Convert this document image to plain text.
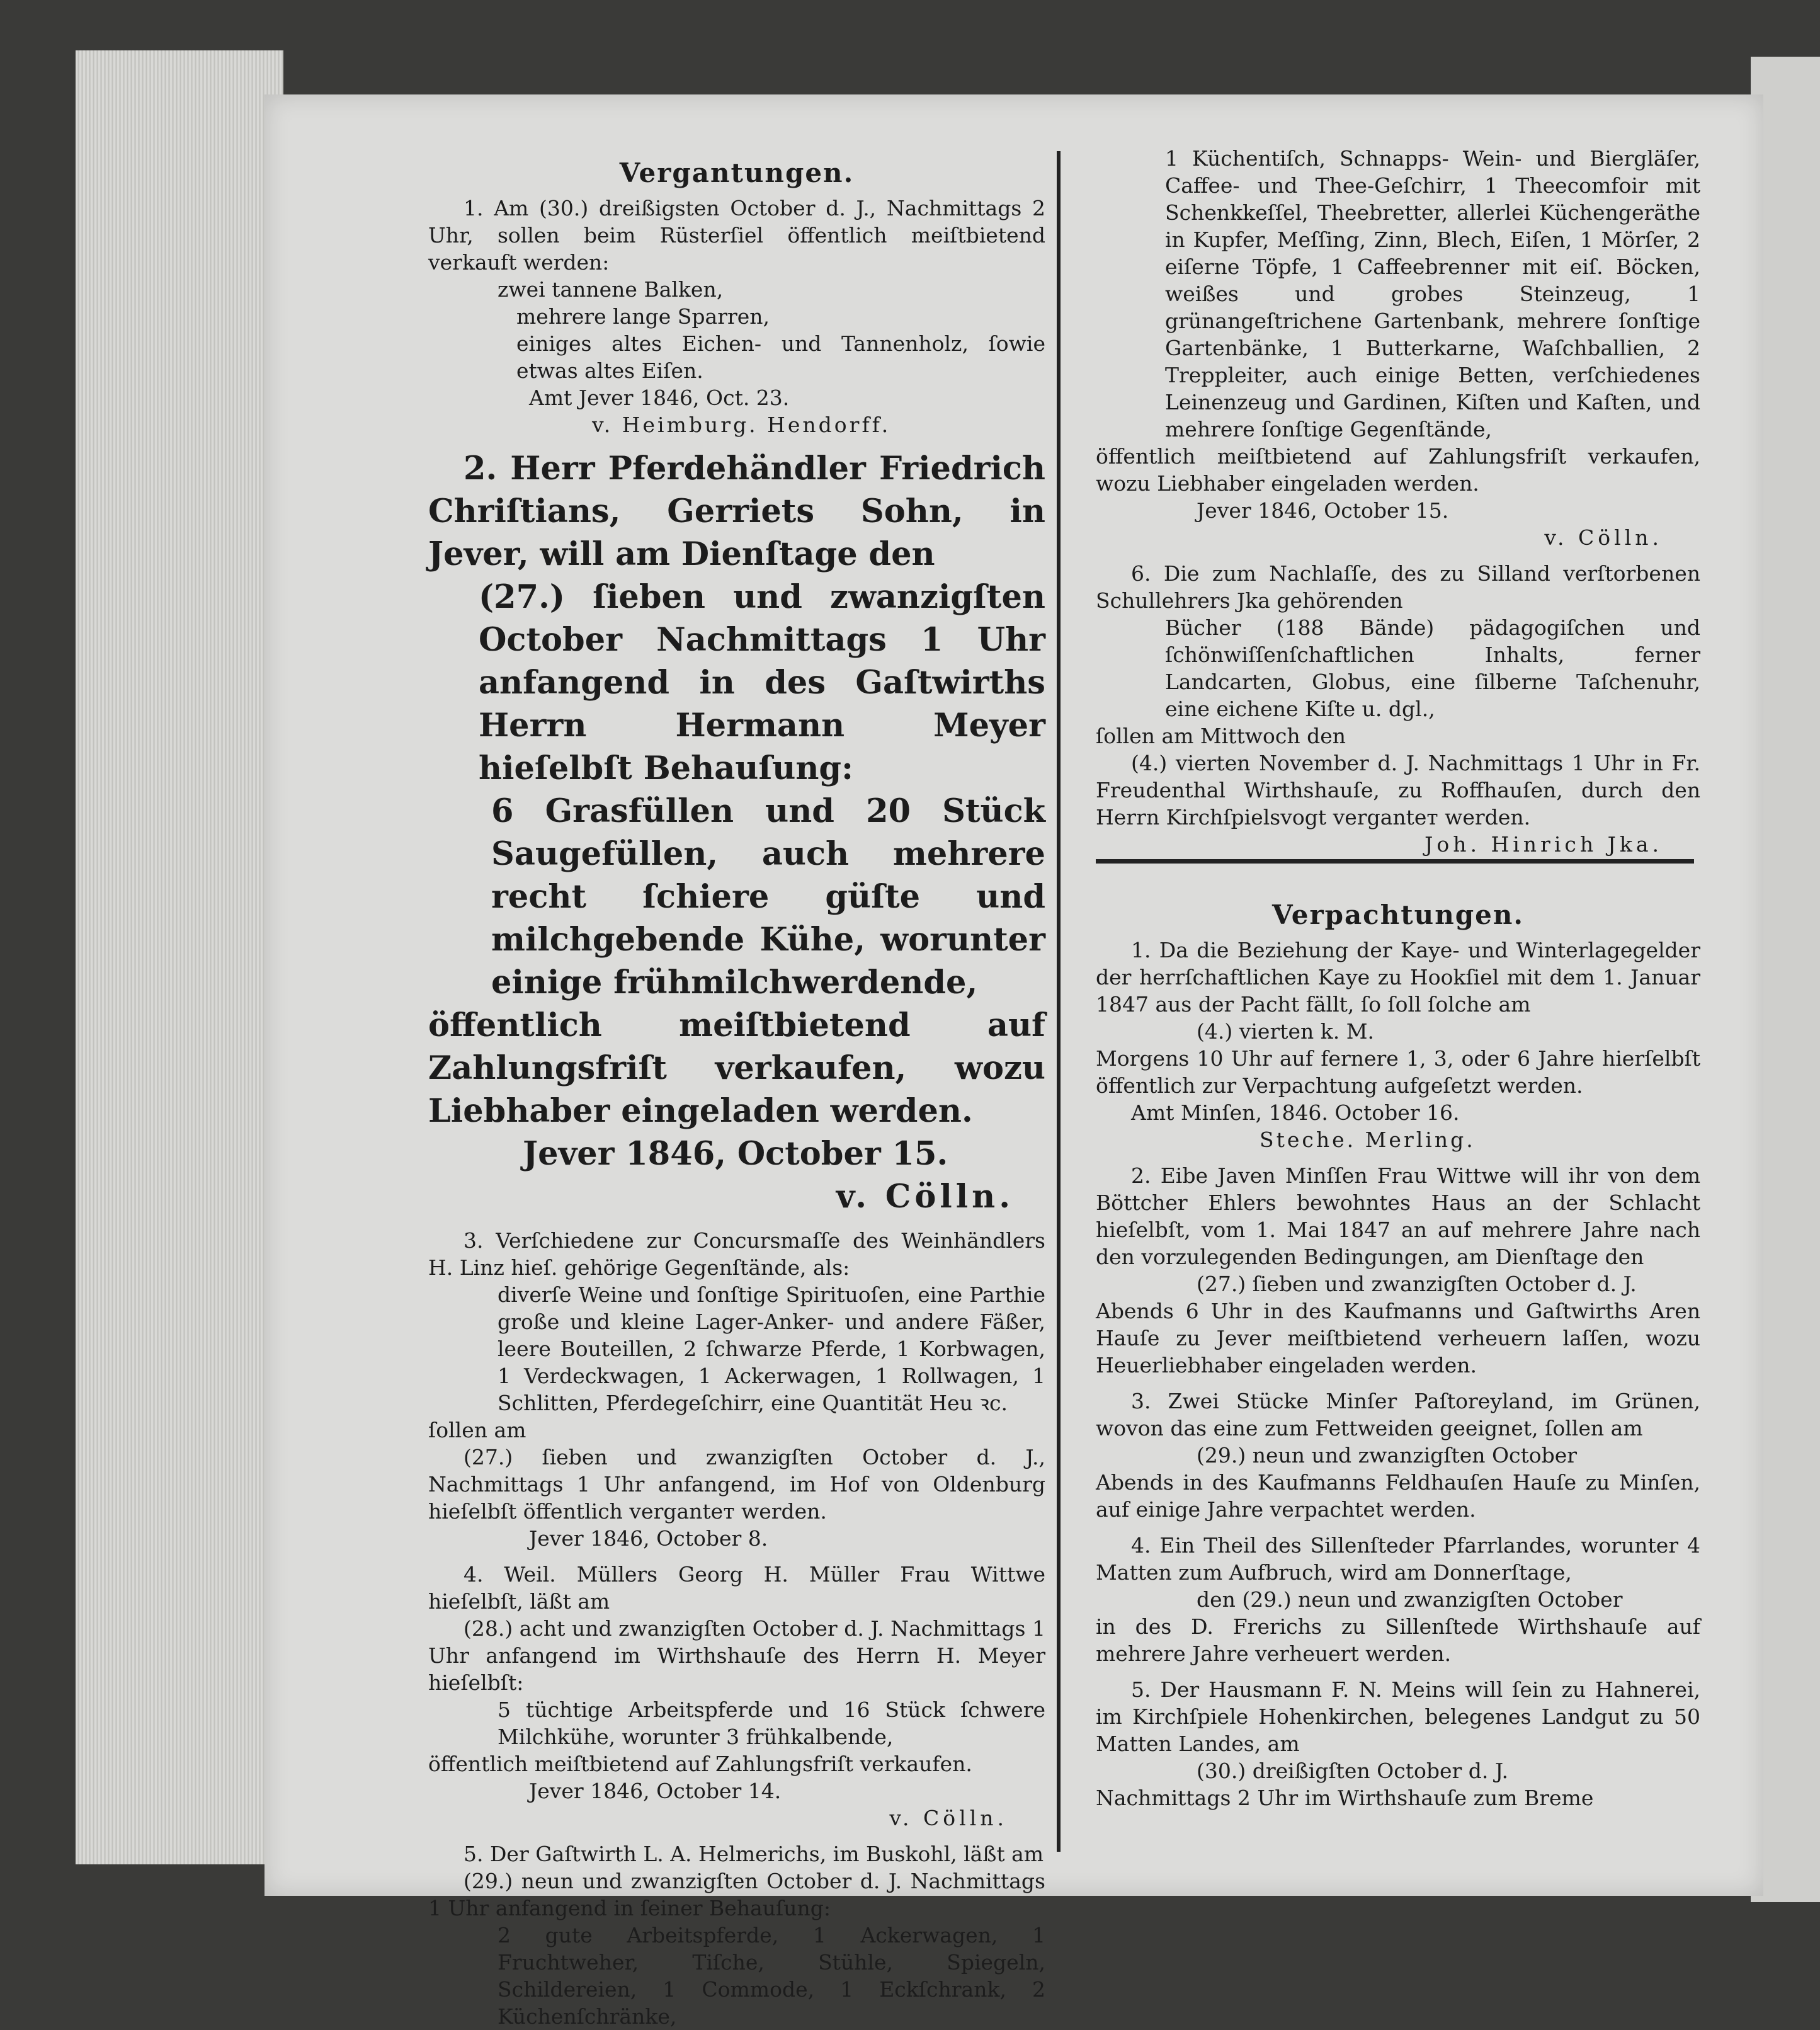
Vergantungen.

1. Am (30.) dreißigsten October d. J., Nachmittags 2 Uhr, sollen beim Rüsterſiel öffentlich meiſtbietend verkauft werden:

zwei tannene Balken,

mehrere lange Sparren,

einiges altes Eichen- und Tannenholz, ſowie etwas altes Eiſen.

Amt Jever 1846, Oct. 23.

v. Heimburg. Hendorff.

2. Herr Pferdehändler Friedrich Chriſtians, Gerriets Sohn, in Jever, will am Dienſtage den

(27.) ſieben und zwanzigſten October Nachmittags 1 Uhr anfangend in des Gaſtwirths Herrn Hermann Meyer hieſelbſt Behauſung:

6 Grasfüllen und 20 Stück Saugefüllen, auch mehrere recht ſchiere güſte und milchgebende Kühe, worunter einige frühmilchwerdende,

öffentlich meiſtbietend auf Zahlungsfriſt verkaufen, wozu Liebhaber eingeladen werden.

Jever 1846, October 15.

v. Cölln.

3. Verſchiedene zur Concursmaſſe des Weinhändlers H. Linz hieſ. gehörige Gegenſtände, als:

diverſe Weine und ſonſtige Spirituoſen, eine Parthie große und kleine Lager-Anker- und andere Fäßer, leere Bouteillen, 2 ſchwarze Pferde, 1 Korbwagen, 1 Verdeckwagen, 1 Ackerwagen, 1 Rollwagen, 1 Schlitten, Pferdegeſchirr, eine Quantität Heu ꝛc.

ſollen am

(27.) ſieben und zwanzigſten October d. J., Nachmittags 1 Uhr anfangend, im Hof von Oldenburg hieſelbſt öffentlich verganteт werden.

Jever 1846, October 8.

4. Weil. Müllers Georg H. Müller Frau Wittwe hieſelbſt, läßt am

(28.) acht und zwanzigſten October d. J. Nachmittags 1 Uhr anfangend im Wirthshauſe des Herrn H. Meyer hieſelbſt:

5 tüchtige Arbeitspferde und 16 Stück ſchwere Milchkühe, worunter 3 frühkalbende,

öffentlich meiſtbietend auf Zahlungsfriſt verkaufen.

Jever 1846, October 14.

v. Cölln.

5. Der Gaſtwirth L. A. Helmerichs, im Buskohl, läßt am

(29.) neun und zwanzigſten October d. J. Nachmittags 1 Uhr anfangend in ſeiner Behauſung:

2 gute Arbeitspferde, 1 Ackerwagen, 1 Fruchtweher, Tiſche, Stühle, Spiegeln, Schildereien, 1 Commode, 1 Eckſchrank, 2 Küchenſchränke,

1 Küchentiſch, Schnapps- Wein- und Biergläſer, Caffee- und Thee-Geſchirr, 1 Theecomfoir mit Schenkkeſſel, Theebretter, allerlei Küchengeräthe in Kupfer, Meſſing, Zinn, Blech, Eiſen, 1 Mörſer, 2 eiſerne Töpfe, 1 Caffeebrenner mit eiſ. Böcken, weißes und grobes Steinzeug, 1 grünangeſtrichene Gartenbank, mehrere ſonſtige Gartenbänke, 1 Butterkarne, Waſchballien, 2 Treppleiter, auch einige Betten, verſchiedenes Leinenzeug und Gardinen, Kiſten und Kaſten, und mehrere ſonſtige Gegenſtände,

öffentlich meiſtbietend auf Zahlungsfriſt verkaufen, wozu Liebhaber eingeladen werden.

Jever 1846, October 15.

v. Cölln.

6. Die zum Nachlaſſe, des zu Silland verſtorbenen Schullehrers Jka gehörenden

Bücher (188 Bände) pädagogiſchen und ſchönwiſſenſchaftlichen Inhalts, ferner Landcarten, Globus, eine ſilberne Taſchenuhr, eine eichene Kiſte u. dgl.,

ſollen am Mittwoch den

(4.) vierten November d. J. Nachmittags 1 Uhr in Fr. Freudenthal Wirthshauſe, zu Roffhauſen, durch den Herrn Kirchſpielsvogt verganteт werden.

Joh. Hinrich Jka.

Verpachtungen.

1. Da die Beziehung der Kaye- und Winterlagegelder der herrſchaftlichen Kaye zu Hookſiel mit dem 1. Januar 1847 aus der Pacht fällt, ſo ſoll ſolche am

(4.) vierten k. M.

Morgens 10 Uhr auf fernere 1, 3, oder 6 Jahre hierſelbſt öffentlich zur Verpachtung aufgeſetzt werden.

Amt Minſen, 1846. October 16.

Steche. Merling.

2. Eibe Javen Minſſen Frau Wittwe will ihr von dem Böttcher Ehlers bewohntes Haus an der Schlacht hieſelbſt, vom 1. Mai 1847 an auf mehrere Jahre nach den vorzulegenden Bedingungen, am Dienſtage den

(27.) ſieben und zwanzigſten October d. J.

Abends 6 Uhr in des Kaufmanns und Gaſtwirths Aren Hauſe zu Jever meiſtbietend verheuern laſſen, wozu Heuerliebhaber eingeladen werden.

3. Zwei Stücke Minſer Paſtoreyland, im Grünen, wovon das eine zum Fettweiden geeignet, ſollen am

(29.) neun und zwanzigſten October

Abends in des Kaufmanns Feldhauſen Hauſe zu Minſen, auf einige Jahre verpachtet werden.

4. Ein Theil des Sillenſteder Pfarrlandes, worunter 4 Matten zum Aufbruch, wird am Donnerſtage,

den (29.) neun und zwanzigſten October

in des D. Frerichs zu Sillenſtede Wirthshauſe auf mehrere Jahre verheuert werden.

5. Der Hausmann F. N. Meins will ſein zu Hahnerei, im Kirchſpiele Hohenkirchen, belegenes Landgut zu 50 Matten Landes, am

(30.) dreißigſten October d. J.

Nachmittags 2 Uhr im Wirthshauſe zum Breme
